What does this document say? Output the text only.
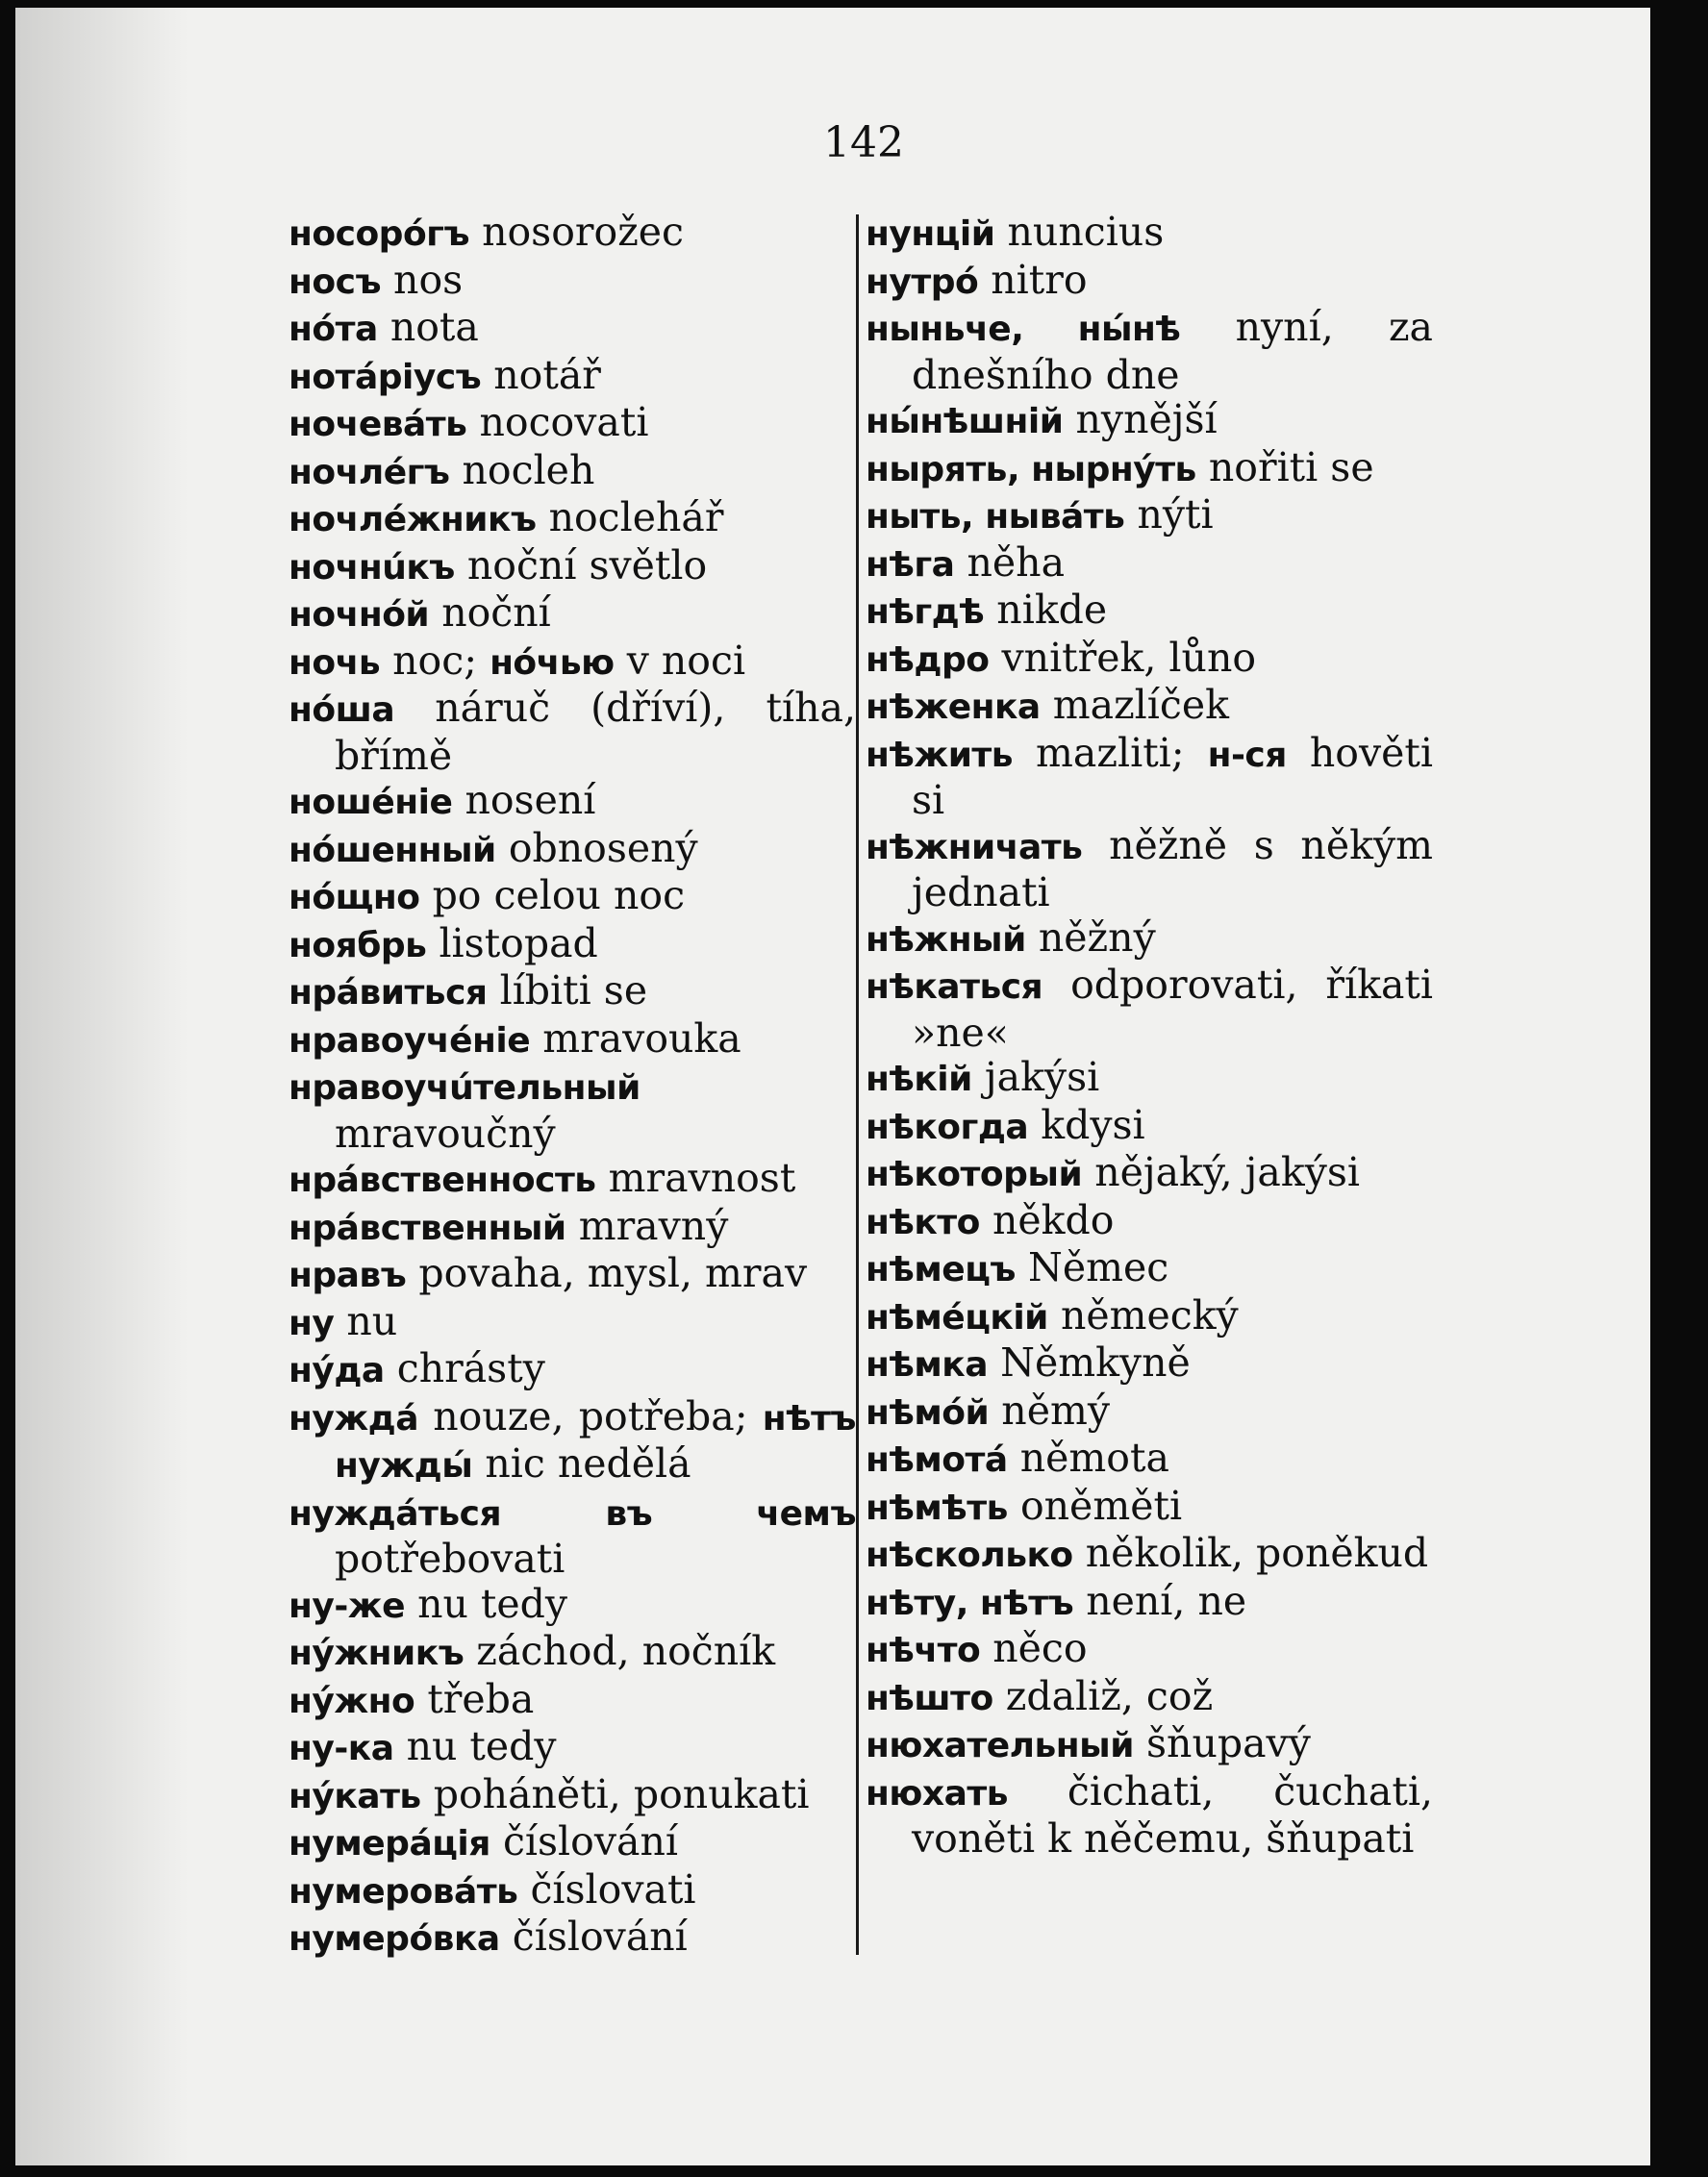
142
носорóгъ nosorožec
носъ nos
нóта nota
нотáріусъ notář
ночевáть nocovati
ночлéгъ nocleh
ночлéжникъ noclehář
ночнúкъ noční světlo
ночнóй noční
ночь noc; нóчью v noci
нóша náruč (dříví), tíha, břímě
ношéніе nosení
нóшенный obnosený
нóщно po celou noc
ноябрь listopad
нрáвиться líbiti se
нравоучéніе mravouka
нравоучúтельный mravoučný
нрáвственность mravnost
нрáвственный mravný
нравъ povaha, mysl, mrav
ну nu
нýда chrásty
нуждá nouze, potřeba; нѣтъ нужды́ nic nedělá
нуждáться въ чемъ potřebovati
ну-же nu tedy
нýжникъ záchod, nočník
нýжно třeba
ну-ка nu tedy
нýкать poháněti, ponukati
нумерáція číslování
нумеровáть číslovati
нумерóвка číslování
нунцій nuncius
нутрó nitro
ныньче, ны́нѣ nyní, za dnešního dne
ны́нѣшній nynější
нырять, нырнýть nořiti se
ныть, нывáть nýti
нѣга něha
нѣгдѣ nikde
нѣдро vnitřek, lůno
нѣженка mazlíček
нѣжить mazliti; н-ся hověti si
нѣжничать něžně s někým jednati
нѣжный něžný
нѣкаться odporovati, říkati »ne«
нѣкій jakýsi
нѣкогда kdysi
нѣкоторый nějaký, jakýsi
нѣкто někdo
нѣмецъ Němec
нѣмéцкій německý
нѣмка Němkyně
нѣмóй němý
нѣмотá němota
нѣмѣть oněměti
нѣсколько několik, poněkud
нѣту, нѣтъ není, ne
нѣчто něco
нѣшто zdaliž, což
нюхательный šňupavý
нюхать čichati, čuchati, voněti k něčemu, šňupati
